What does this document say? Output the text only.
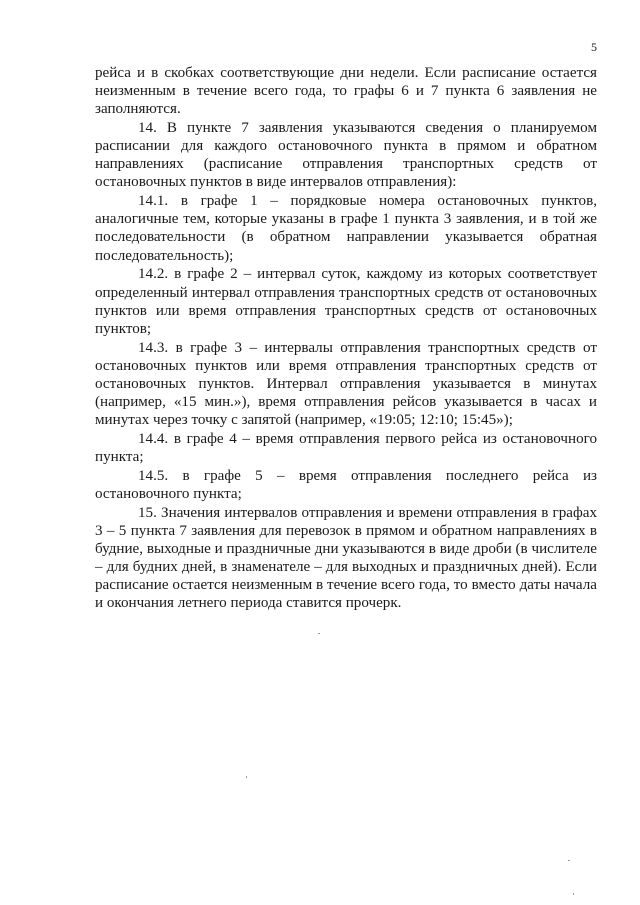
5

рейса и в скобках соответствующие дни недели. Если расписание остается неизменным в течение всего года, то графы 6 и 7 пункта 6 заявления не заполняются.

14. В пункте 7 заявления указываются сведения о планируемом расписании для каждого остановочного пункта в прямом и обратном направлениях (расписание отправления транспортных средств от остановочных пунктов в виде интервалов отправления):

14.1. в графе 1 – порядковые номера остановочных пунктов, аналогичные тем, которые указаны в графе 1 пункта 3 заявления, и в той же последовательности (в обратном направлении указывается обратная последовательность);

14.2. в графе 2 – интервал суток, каждому из которых соответствует определенный интервал отправления транспортных средств от остановочных пунктов или время отправления транспортных средств от остановочных пунктов;

14.3. в графе 3 – интервалы отправления транспортных средств от остановочных пунктов или время отправления транспортных средств от остановочных пунктов. Интервал отправления указывается в минутах (например, «15 мин.»), время отправления рейсов указывается в часах и минутах через точку с запятой (например, «19:05; 12:10; 15:45»);

14.4. в графе 4 – время отправления первого рейса из остановочного пункта;

14.5. в графе 5 – время отправления последнего рейса из остановочного пункта;

15. Значения интервалов отправления и времени отправления в графах 3 – 5 пункта 7 заявления для перевозок в прямом и обратном направлениях в будние, выходные и праздничные дни указываются в виде дроби (в числителе – для будних дней, в знаменателе – для выходных и праздничных дней). Если расписание остается неизменным в течение всего года, то вместо даты начала и окончания летнего периода ставится прочерк.
